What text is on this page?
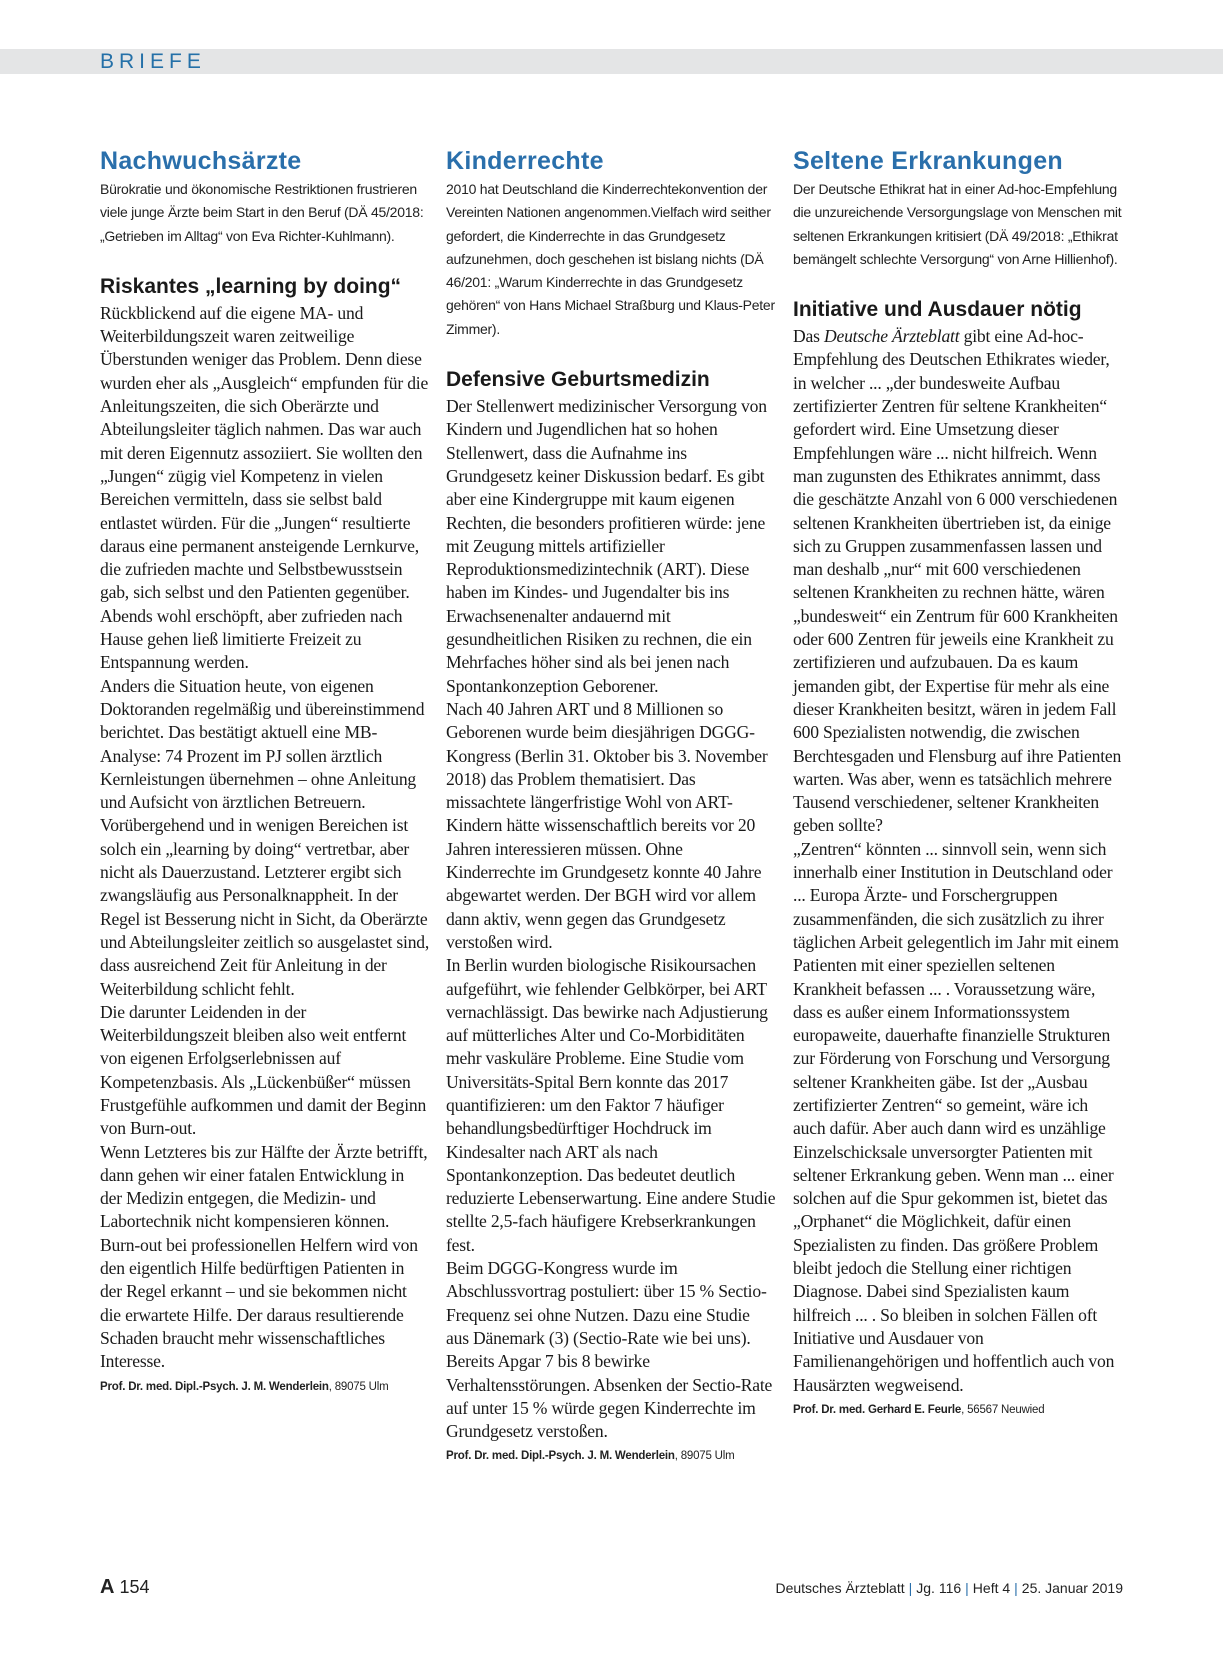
BRIEFE
Nachwuchsärzte

Bürokratie und ökonomische Restriktionen frustrieren viele junge Ärzte beim Start in den Beruf (DÄ 45/2018: „Getrieben im Alltag“ von Eva Richter-Kuhlmann).

Riskantes „learning by doing“

Rückblickend auf die eigene MA- und Weiterbildungszeit waren zeitweilige Überstunden weniger das Problem. Denn diese wurden eher als „Ausgleich“ empfunden für die Anleitungszeiten, die sich Oberärzte und Abteilungsleiter täglich nahmen. Das war auch mit deren Eigennutz assoziiert. Sie wollten den „Jungen“ zügig viel Kompetenz in vielen Bereichen vermitteln, dass sie selbst bald entlastet würden. Für die „Jungen“ resultierte daraus eine permanent ansteigende Lernkurve, die zufrieden machte und Selbstbewusstsein gab, sich selbst und den Patienten gegenüber. Abends wohl erschöpft, aber zufrieden nach Hause gehen ließ limitierte Freizeit zu Entspannung werden.

Anders die Situation heute, von eigenen Doktoranden regelmäßig und übereinstimmend berichtet. Das bestätigt aktuell eine MB-Analyse: 74 Prozent im PJ sollen ärztlich Kernleistungen übernehmen – ohne Anleitung und Aufsicht von ärztlichen Betreuern. Vorübergehend und in wenigen Bereichen ist solch ein „learning by doing“ vertretbar, aber nicht als Dauerzustand. Letzterer ergibt sich zwangsläufig aus Personalknappheit. In der Regel ist Besserung nicht in Sicht, da Oberärzte und Abteilungsleiter zeitlich so ausgelastet sind, dass ausreichend Zeit für Anleitung in der Weiterbildung schlicht fehlt.

Die darunter Leidenden in der Weiterbildungszeit bleiben also weit entfernt von eigenen Erfolgserlebnissen auf Kompetenzbasis. Als „Lückenbüßer“ müssen Frustgefühle aufkommen und damit der Beginn von Burn-out.

Wenn Letzteres bis zur Hälfte der Ärzte betrifft, dann gehen wir einer fatalen Entwicklung in der Medizin entgegen, die Medizin- und Labortechnik nicht kompensieren können. Burn-out bei professionellen Helfern wird von den eigentlich Hilfe bedürftigen Patienten in der Regel erkannt – und sie bekommen nicht die erwartete Hilfe. Der daraus resultierende Schaden braucht mehr wissenschaftliches Interesse.

Prof. Dr. med. Dipl.-Psych. J. M. Wenderlein, 89075 Ulm

Kinderrechte

2010 hat Deutschland die Kinderrechtekonvention der Vereinten Nationen angenommen.Vielfach wird seither gefordert, die Kinderrechte in das Grundgesetz aufzunehmen, doch geschehen ist bislang nichts (DÄ 46/201: „Warum Kinderrechte in das Grundgesetz gehören“ von Hans Michael Straßburg und Klaus-Peter Zimmer).

Defensive Geburtsmedizin

Der Stellenwert medizinischer Versorgung von Kindern und Jugendlichen hat so hohen Stellenwert, dass die Aufnahme ins Grundgesetz keiner Diskussion bedarf. Es gibt aber eine Kindergruppe mit kaum eigenen Rechten, die besonders profitieren würde: jene mit Zeugung mittels artifizieller Reproduktionsmedizintechnik (ART). Diese haben im Kindes- und Jugendalter bis ins Erwachsenenalter andauernd mit gesundheitlichen Risiken zu rechnen, die ein Mehrfaches höher sind als bei jenen nach Spontankonzeption Geborener.

Nach 40 Jahren ART und 8 Millionen so Geborenen wurde beim diesjährigen DGGG-Kongress (Berlin 31. Oktober bis 3. November 2018) das Problem thematisiert. Das missachtete längerfristige Wohl von ART- Kindern hätte wissenschaftlich bereits vor 20 Jahren interessieren müssen. Ohne Kinderrechte im Grundgesetz konnte 40 Jahre abgewartet werden. Der BGH wird vor allem dann aktiv, wenn gegen das Grundgesetz verstoßen wird.

In Berlin wurden biologische Risikoursachen aufgeführt, wie fehlender Gelbkörper, bei ART vernachlässigt. Das bewirke nach Adjustierung auf mütterliches Alter und Co-Morbiditäten mehr vaskuläre Probleme. Eine Studie vom Universitäts-Spital Bern konnte das 2017 quantifizieren: um den Faktor 7 häufiger behandlungsbedürftiger Hochdruck im Kindesalter nach ART als nach Spontankonzeption. Das bedeutet deutlich reduzierte Lebenserwartung. Eine andere Studie stellte 2,5-fach häufigere Krebserkrankungen fest.

Beim DGGG-Kongress wurde im Abschlussvortrag postuliert: über 15 % Sectio-Frequenz sei ohne Nutzen. Dazu eine Studie aus Dänemark (3) (Sectio-Rate wie bei uns). Bereits Apgar 7 bis 8 bewirke Verhaltensstörungen. Absenken der Sectio-Rate auf unter 15 % würde gegen Kinderrechte im Grundgesetz verstoßen.

Prof. Dr. med. Dipl.-Psych. J. M. Wenderlein, 89075 Ulm

Seltene Erkrankungen

Der Deutsche Ethikrat hat in einer Ad-hoc-Empfehlung die unzureichende Versorgungslage von Menschen mit seltenen Erkrankungen kritisiert (DÄ 49/2018: „Ethikrat bemängelt schlechte Versorgung“ von Arne Hillienhof).

Initiative und Ausdauer nötig

Das Deutsche Ärzteblatt gibt eine Ad-hoc-Empfehlung des Deutschen Ethikrates wieder, in welcher ... „der bundesweite Aufbau zertifizierter Zentren für seltene Krankheiten“ gefordert wird. Eine Umsetzung dieser Empfehlungen wäre ... nicht hilfreich. Wenn man zugunsten des Ethikrates annimmt, dass die geschätzte Anzahl von 6 000 verschiedenen seltenen Krankheiten übertrieben ist, da einige sich zu Gruppen zusammenfassen lassen und man deshalb „nur“ mit 600 verschiedenen seltenen Krankheiten zu rechnen hätte, wären „bundesweit“ ein Zentrum für 600 Krankheiten oder 600 Zentren für jeweils eine Krankheit zu zertifizieren und aufzubauen. Da es kaum jemanden gibt, der Expertise für mehr als eine dieser Krankheiten besitzt, wären in jedem Fall 600 Spezialisten notwendig, die zwischen Berchtesgaden und Flensburg auf ihre Patienten warten. Was aber, wenn es tatsächlich mehrere Tausend verschiedener, seltener Krankheiten geben sollte?

„Zentren“ könnten ... sinnvoll sein, wenn sich innerhalb einer Institution in Deutschland oder ... Europa Ärzte- und Forschergruppen zusammenfänden, die sich zusätzlich zu ihrer täglichen Arbeit gelegentlich im Jahr mit einem Patienten mit einer speziellen seltenen Krankheit befassen ... . Voraussetzung wäre, dass es außer einem Informationssystem europaweite, dauerhafte finanzielle Strukturen zur Förderung von Forschung und Versorgung seltener Krankheiten gäbe. Ist der „Ausbau zertifizierter Zentren“ so gemeint, wäre ich auch dafür. Aber auch dann wird es unzählige Einzelschicksale unversorgter Patienten mit seltener Erkrankung geben. Wenn man ... einer solchen auf die Spur gekommen ist, bietet das „Orphanet“ die Möglichkeit, dafür einen Spezialisten zu finden. Das größere Problem bleibt jedoch die Stellung einer richtigen Diagnose. Dabei sind Spezialisten kaum hilfreich ... . So bleiben in solchen Fällen oft Initiative und Ausdauer von Familienangehörigen und hoffentlich auch von Hausärzten wegweisend.

Prof. Dr. med. Gerhard E. Feurle, 56567 Neuwied

A 154	Deutsches Ärzteblatt | Jg. 116 | Heft 4 | 25. Januar 2019
